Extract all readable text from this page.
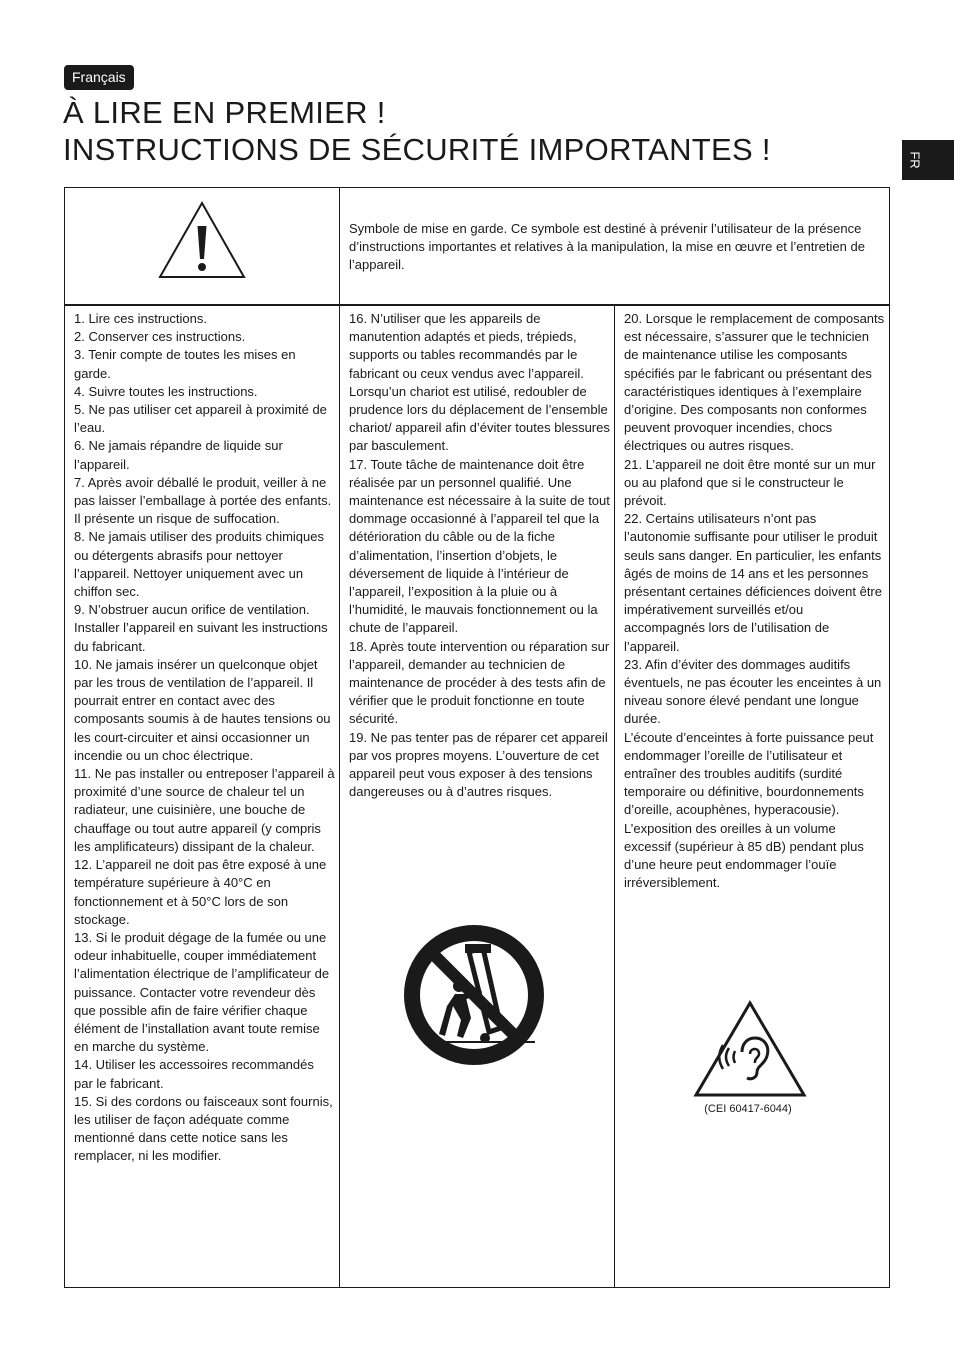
Français
À LIRE EN PREMIER !
INSTRUCTIONS DE SÉCURITÉ IMPORTANTES !	FR
Symbole de mise en garde. Ce symbole est destiné à prévenir l’utilisateur de la présence d’instructions importantes et relatives à la manipulation, la mise en œuvre et l’entretien de l’appareil.

1. Lire ces instructions.

2. Conserver ces instructions.

3. Tenir compte de toutes les mises en garde.

4. Suivre toutes les instructions.

5. Ne pas utiliser cet appareil à proximité de l’eau.

6. Ne jamais répandre de liquide sur l’appareil.

7. Après avoir déballé le produit, veiller à ne pas laisser l’emballage à portée des enfants. Il présente un risque de suffocation.

8. Ne jamais utiliser des produits chimiques ou détergents abrasifs pour nettoyer l’appareil. Nettoyer uniquement avec un chiffon sec.

9. N’obstruer aucun orifice de ventilation. Installer l’appareil en suivant les instructions du fabricant.

10. Ne jamais insérer un quelconque objet par les trous de ventilation de l’appareil. Il pourrait entrer en contact avec des composants soumis à de hautes tensions ou les court-circuiter et ainsi occasionner un incendie ou un choc électrique.

11. Ne pas installer ou entreposer l’appareil à proximité d’une source de chaleur tel un radiateur, une cuisinière, une bouche de chauffage ou tout autre appareil (y compris les amplificateurs) dissipant de la chaleur.

12. L’appareil ne doit pas être exposé à une température supérieure à 40°C en fonctionnement et à 50°C lors de son stockage.

13. Si le produit dégage de la fumée ou une odeur inhabituelle, couper immédiatement l’alimentation électrique de l’amplificateur de puissance. Contacter votre revendeur dès que possible afin de faire vérifier chaque élément de l’installation avant toute remise en marche du système.

14. Utiliser les accessoires recommandés par le fabricant.

15. Si des cordons ou faisceaux sont fournis, les utiliser de façon adéquate comme mentionné dans cette notice sans les remplacer, ni les modifier.

16. N’utiliser que les appareils de manutention adaptés et pieds, trépieds, supports ou tables recommandés par le fabricant ou ceux vendus avec l’appareil.

Lorsqu’un chariot est utilisé, redoubler de prudence lors du déplacement de l’ensemble chariot/ appareil afin d’éviter toutes blessures par basculement.

17. Toute tâche de maintenance doit être réalisée par un personnel qualifié. Une maintenance est nécessaire à la suite de tout dommage occasionné à l’appareil tel que la détérioration du câble ou de la fiche d’alimentation, l’insertion d’objets, le déversement de liquide à l’intérieur de l’appareil, l’exposition à la pluie ou à l’humidité, le mauvais fonctionnement ou la chute de l’appareil.

18. Après toute intervention ou réparation sur l’appareil, demander au technicien de maintenance de procéder à des tests afin de vérifier que le produit fonctionne en toute sécurité.

19. Ne pas tenter pas de réparer cet appareil par vos propres moyens. L’ouverture de cet appareil peut vous exposer à des tensions dangereuses ou à d’autres risques.

20. Lorsque le remplacement de composants est nécessaire, s’assurer que le technicien de maintenance utilise les composants spécifiés par le fabricant ou présentant des caractéristiques identiques à l’exemplaire d’origine. Des composants non conformes peuvent provoquer incendies, chocs électriques ou autres risques.

21. L’appareil ne doit être monté sur un mur ou au plafond que si le constructeur le prévoit.

22. Certains utilisateurs n’ont pas l’autonomie suffisante pour utiliser le produit seuls sans danger. En particulier, les enfants âgés de moins de 14 ans et les personnes présentant certaines déficiences doivent être impérativement surveillés et/ou accompagnés lors de l’utilisation de l’appareil.

23. Afin d’éviter des dommages auditifs éventuels, ne pas écouter les enceintes à un niveau sonore élevé pendant une longue durée.

L’écoute d’enceintes à forte puissance peut endommager l’oreille de l’utilisateur et entraîner des troubles auditifs (surdité temporaire ou définitive, bourdonnements d’oreille, acouphènes, hyperacousie).

L’exposition des oreilles à un volume excessif (supérieur à 85 dB) pendant plus d’une heure peut endommager l’ouïe irréversiblement.

(CEI 60417-6044)
